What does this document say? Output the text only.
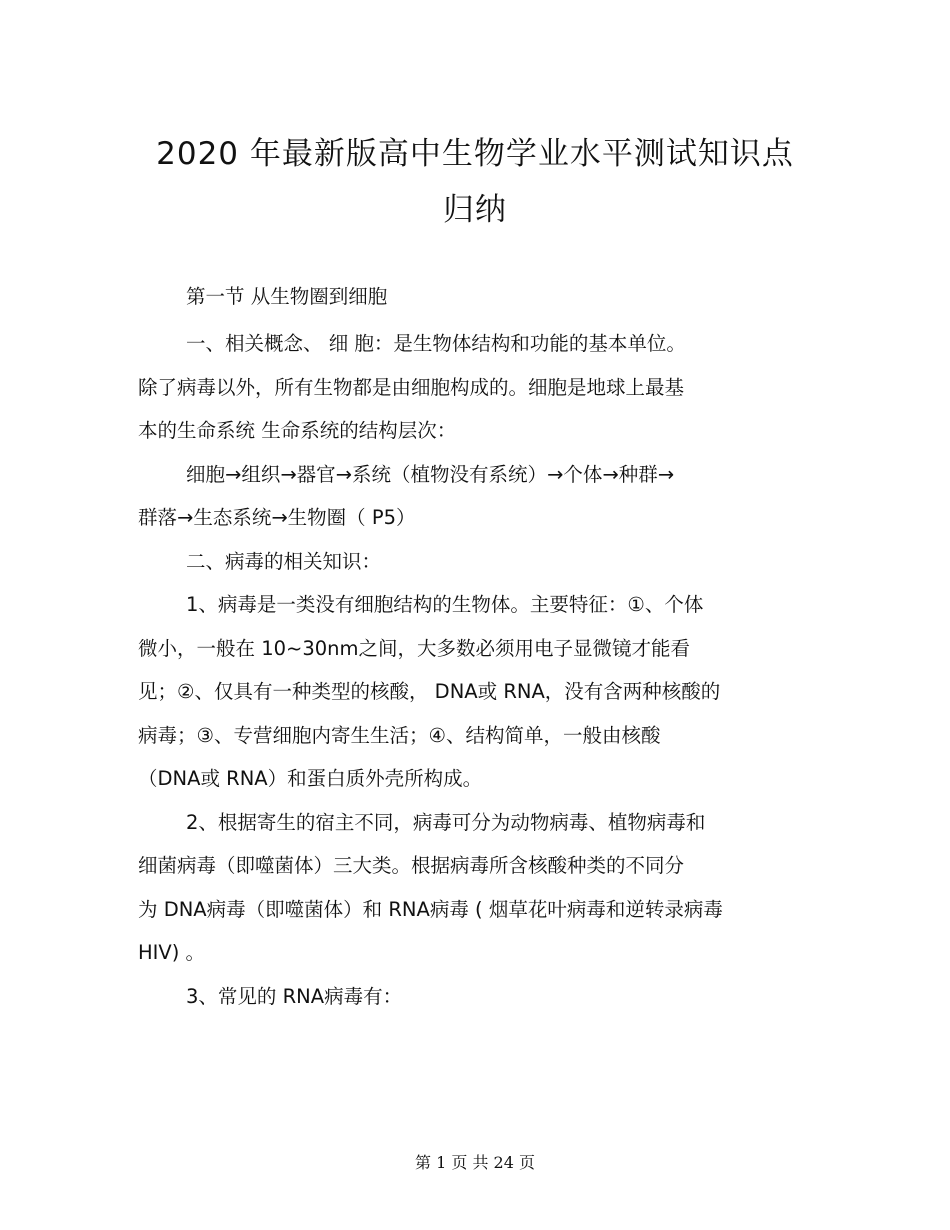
2020 年最新版高中生物学业水平测试知识点
归纳
第一节 从生物圈到细胞
一、相关概念、 细 胞：是生物体结构和功能的基本单位。
除了病毒以外，所有生物都是由细胞构成的。细胞是地球上最基
本的生命系统 生命系统的结构层次：
细胞→组织→器官→系统（植物没有系统）→个体→种群→
群落→生态系统→生物圈（ P5）
二、病毒的相关知识：
1、病毒是一类没有细胞结构的生物体。主要特征：①、个体
微小，一般在 10~30nm之间，大多数必须用电子显微镜才能看
见；②、仅具有一种类型的核酸， DNA或 RNA，没有含两种核酸的
病毒；③、专营细胞内寄生生活；④、结构简单，一般由核酸
（DNA或 RNA）和蛋白质外壳所构成。
2、根据寄生的宿主不同，病毒可分为动物病毒、植物病毒和
细菌病毒（即噬菌体）三大类。根据病毒所含核酸种类的不同分
为 DNA病毒（即噬菌体）和 RNA病毒 ( 烟草花叶病毒和逆转录病毒
HIV) 。
3、常见的 RNA病毒有：
第 1 页 共 24 页
